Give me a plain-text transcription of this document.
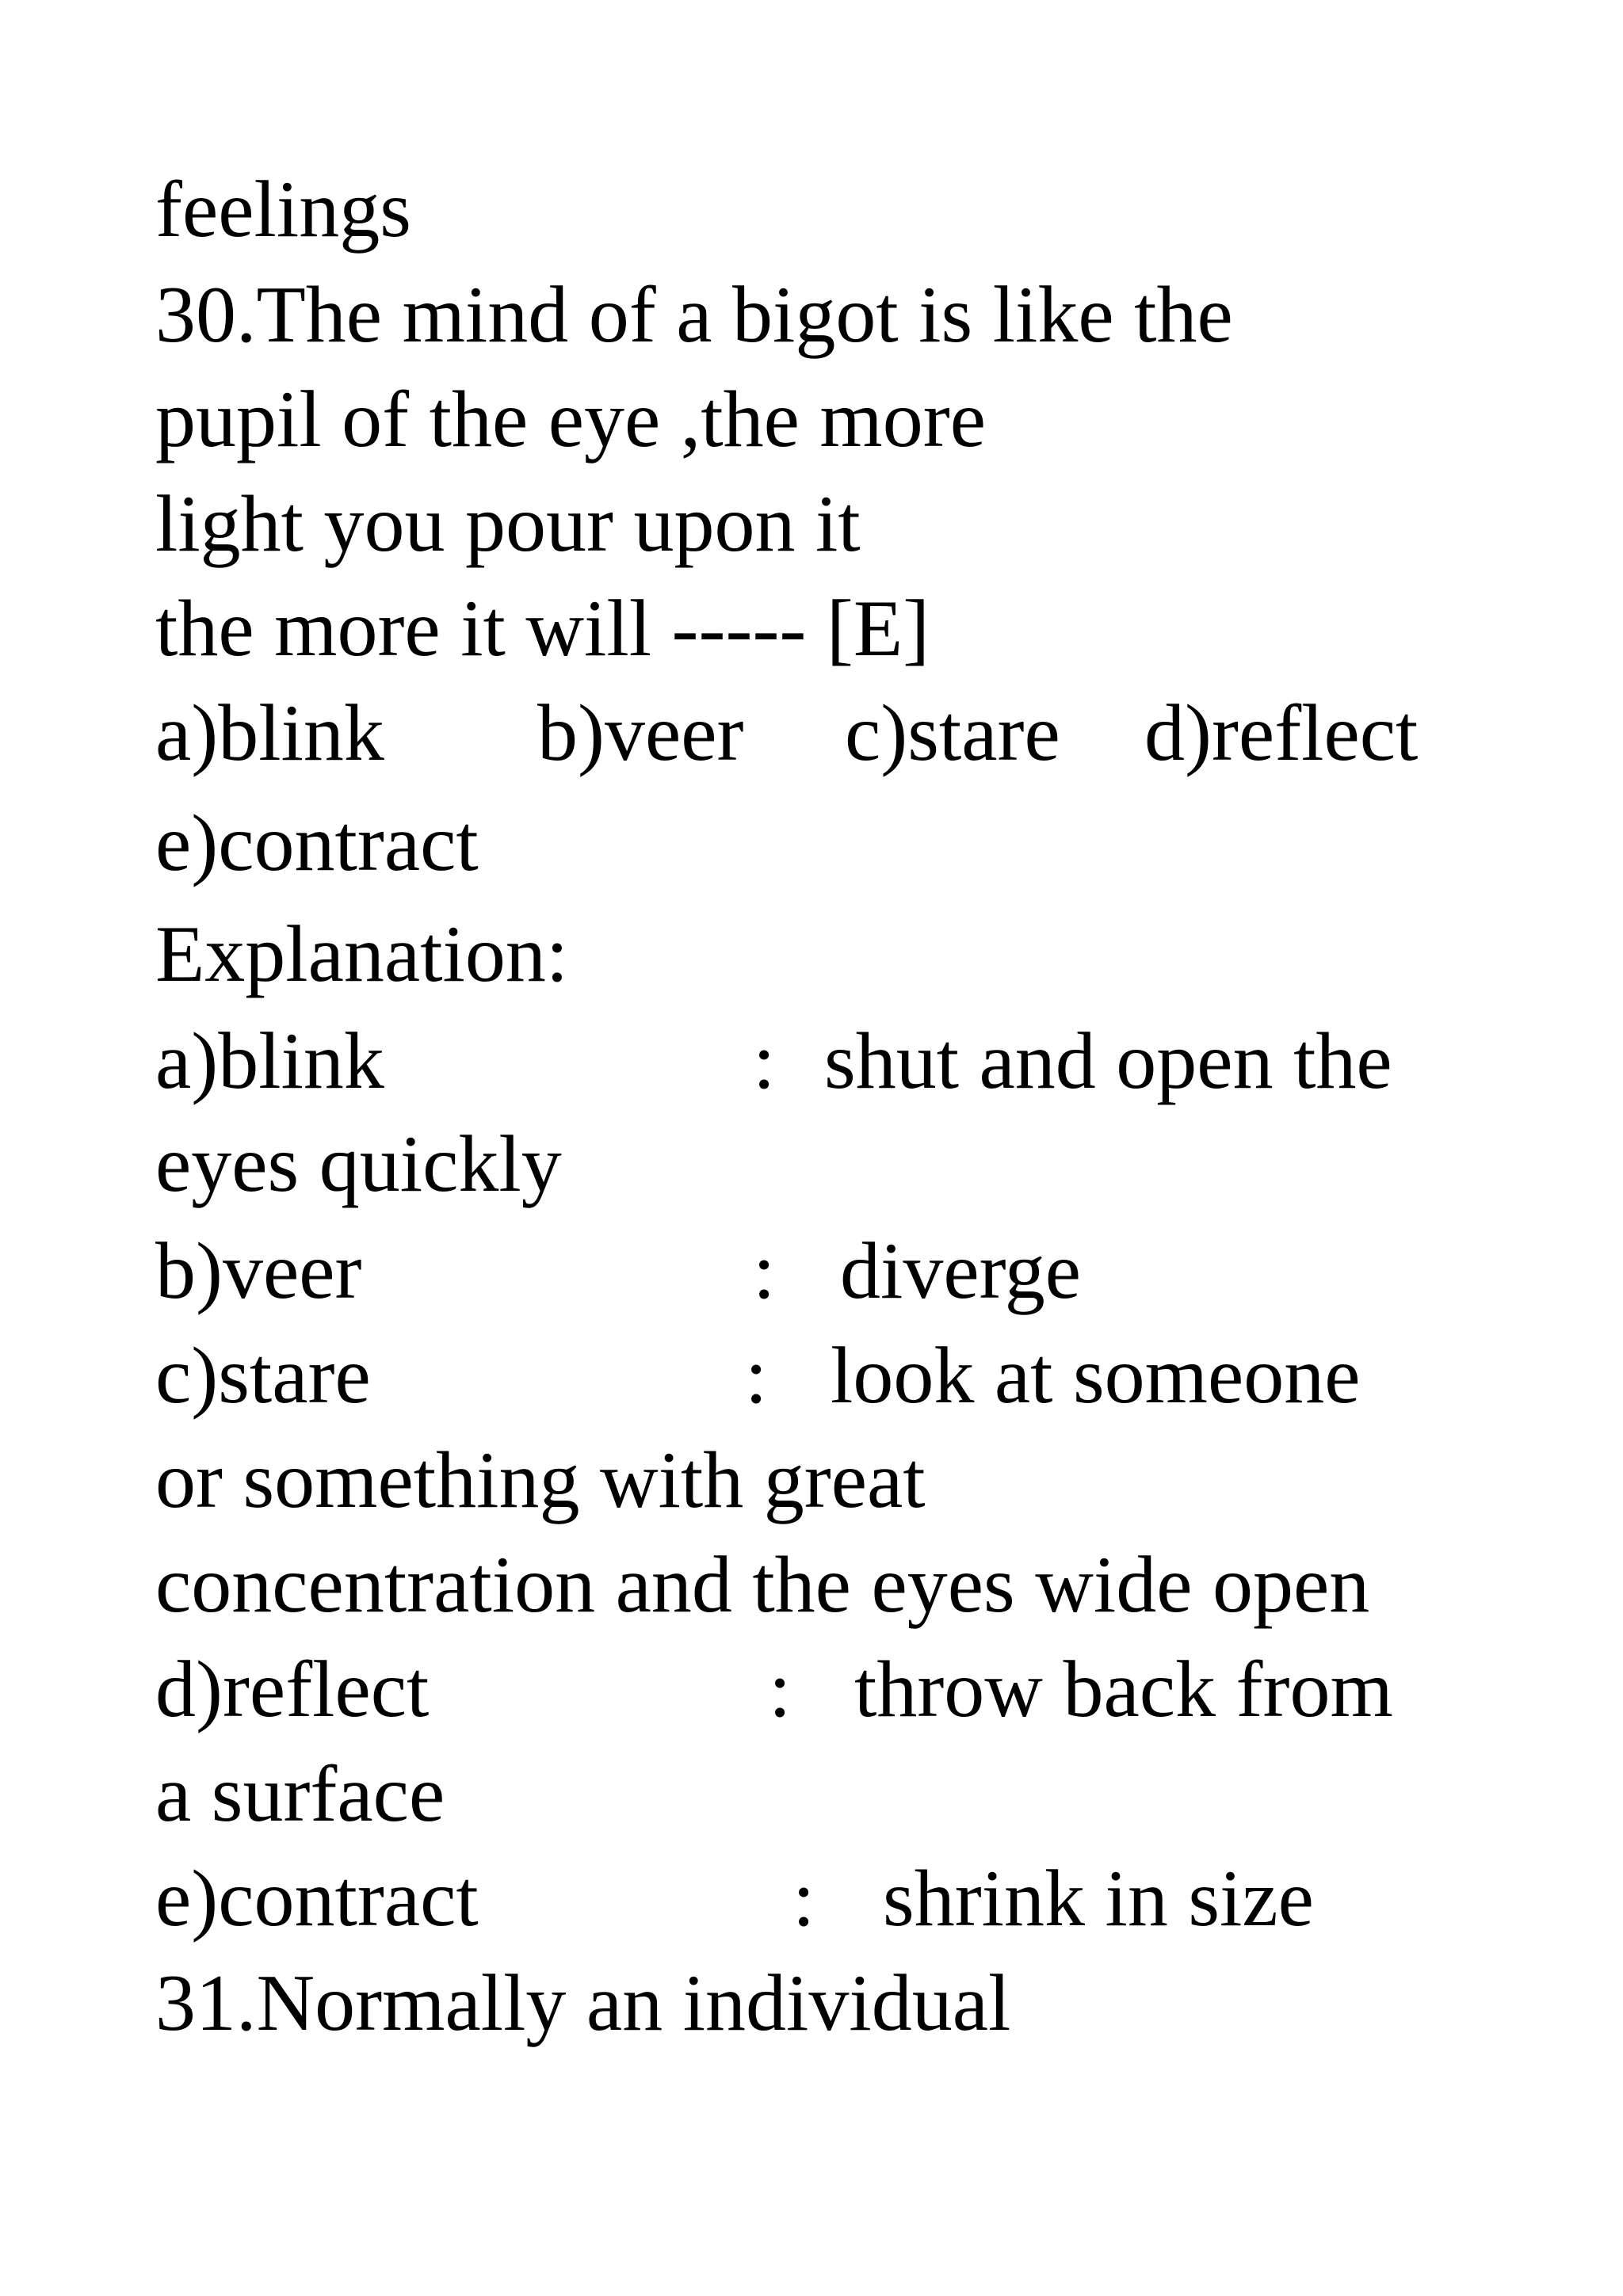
feelings
30.The mind of a bigot is like the
pupil of the eye ,the more
light you pour upon it
the more it will ----- [E]
a)blink b)veer c)stare d)reflect
e)contract
Explanation:
a)blink	: shut and open the
eyes quickly
b)veer	: diverge
c)stare	: look at someone
or something with great
concentration and the eyes wide open
d)reflect	: throw back from
a surface
e)contract	: shrink in size
31.Normally an individual
